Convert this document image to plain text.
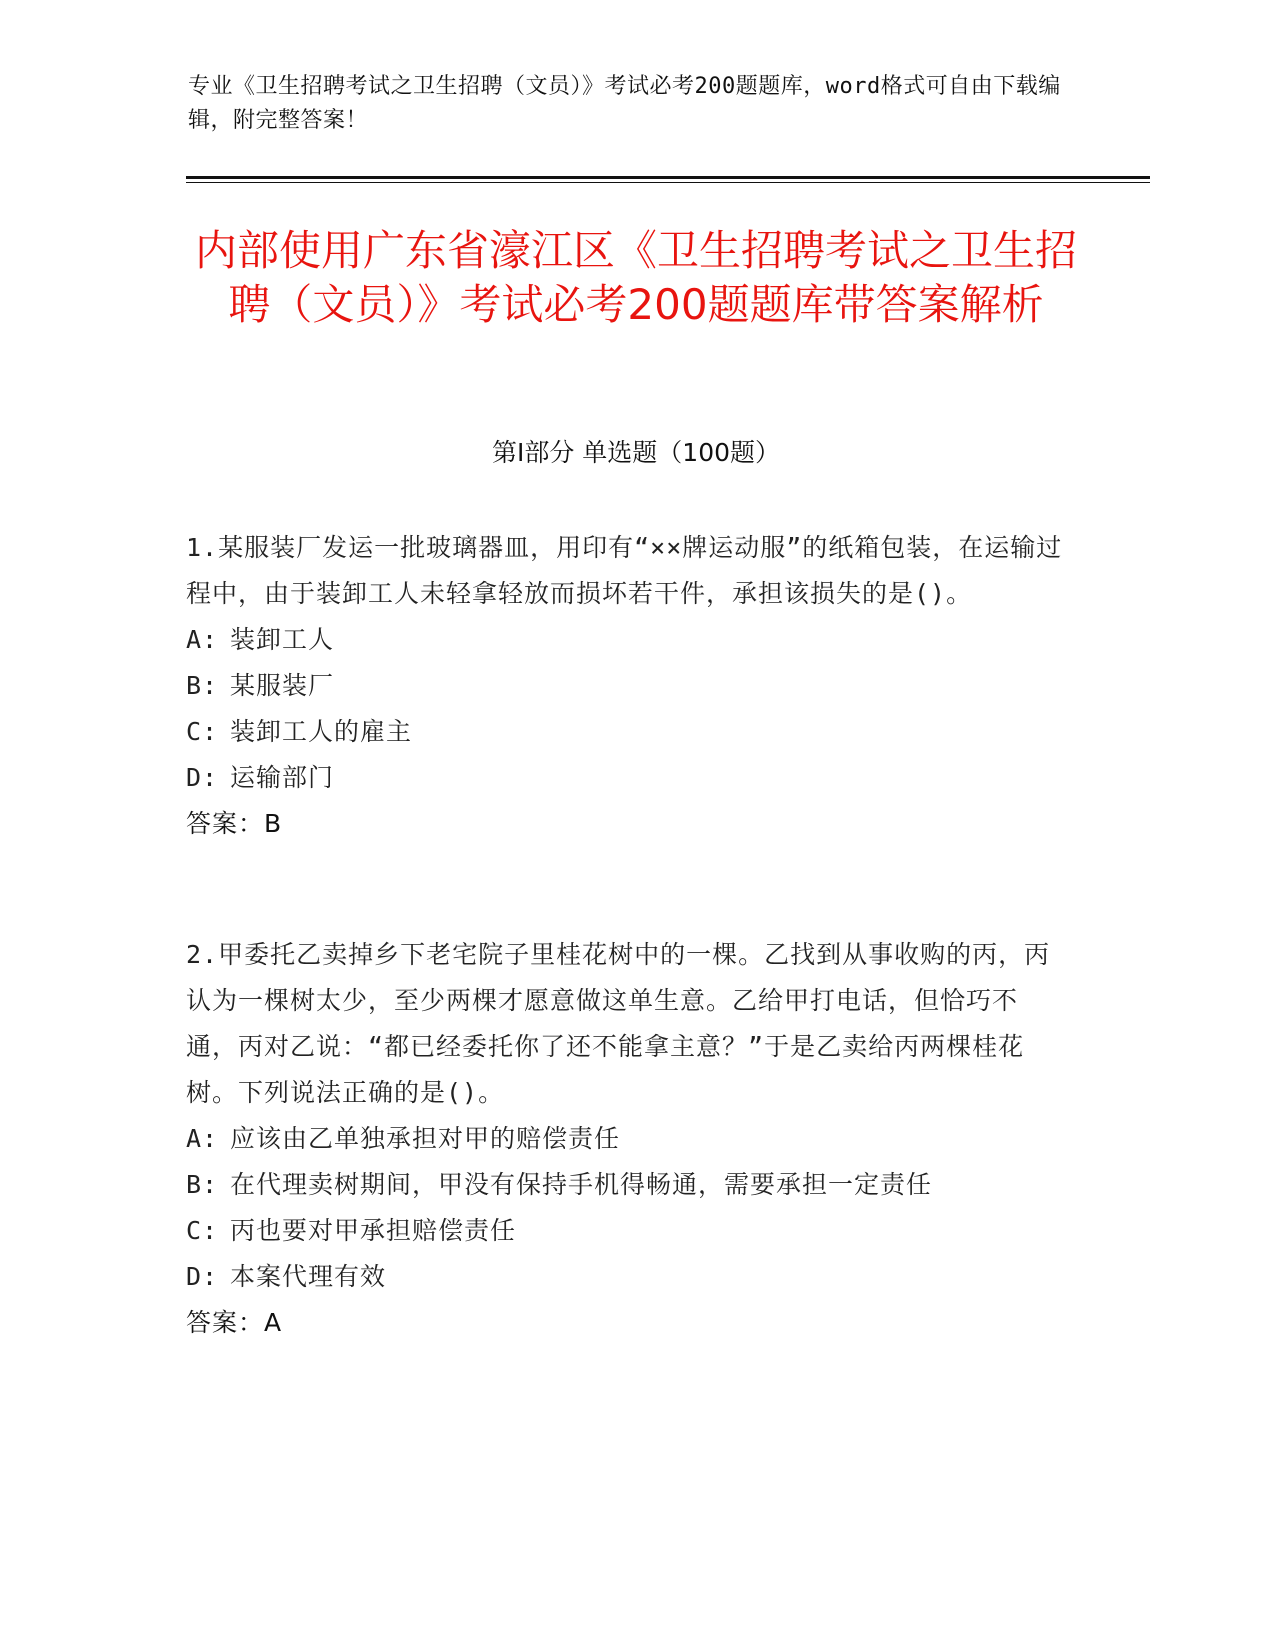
专业《卫生招聘考试之卫生招聘（文员）》考试必考200题题库，word格式可自由下载编辑，附完整答案！
内部使用广东省濠江区《卫生招聘考试之卫生招聘（文员）》考试必考200题题库带答案解析
第I部分 单选题（100题）

1.某服装厂发运一批玻璃器皿，用印有“××牌运动服”的纸箱包装，在运输过程中，由于装卸工人未轻拿轻放而损坏若干件，承担该损失的是()。

A: 装卸工人

B: 某服装厂

C: 装卸工人的雇主

D: 运输部门

答案：B

2.甲委托乙卖掉乡下老宅院子里桂花树中的一棵。乙找到从事收购的丙，丙认为一棵树太少，至少两棵才愿意做这单生意。乙给甲打电话，但恰巧不通，丙对乙说：“都已经委托你了还不能拿主意？”于是乙卖给丙两棵桂花树。下列说法正确的是()。

A: 应该由乙单独承担对甲的赔偿责任

B: 在代理卖树期间，甲没有保持手机得畅通，需要承担一定责任

C: 丙也要对甲承担赔偿责任

D: 本案代理有效

答案：A
